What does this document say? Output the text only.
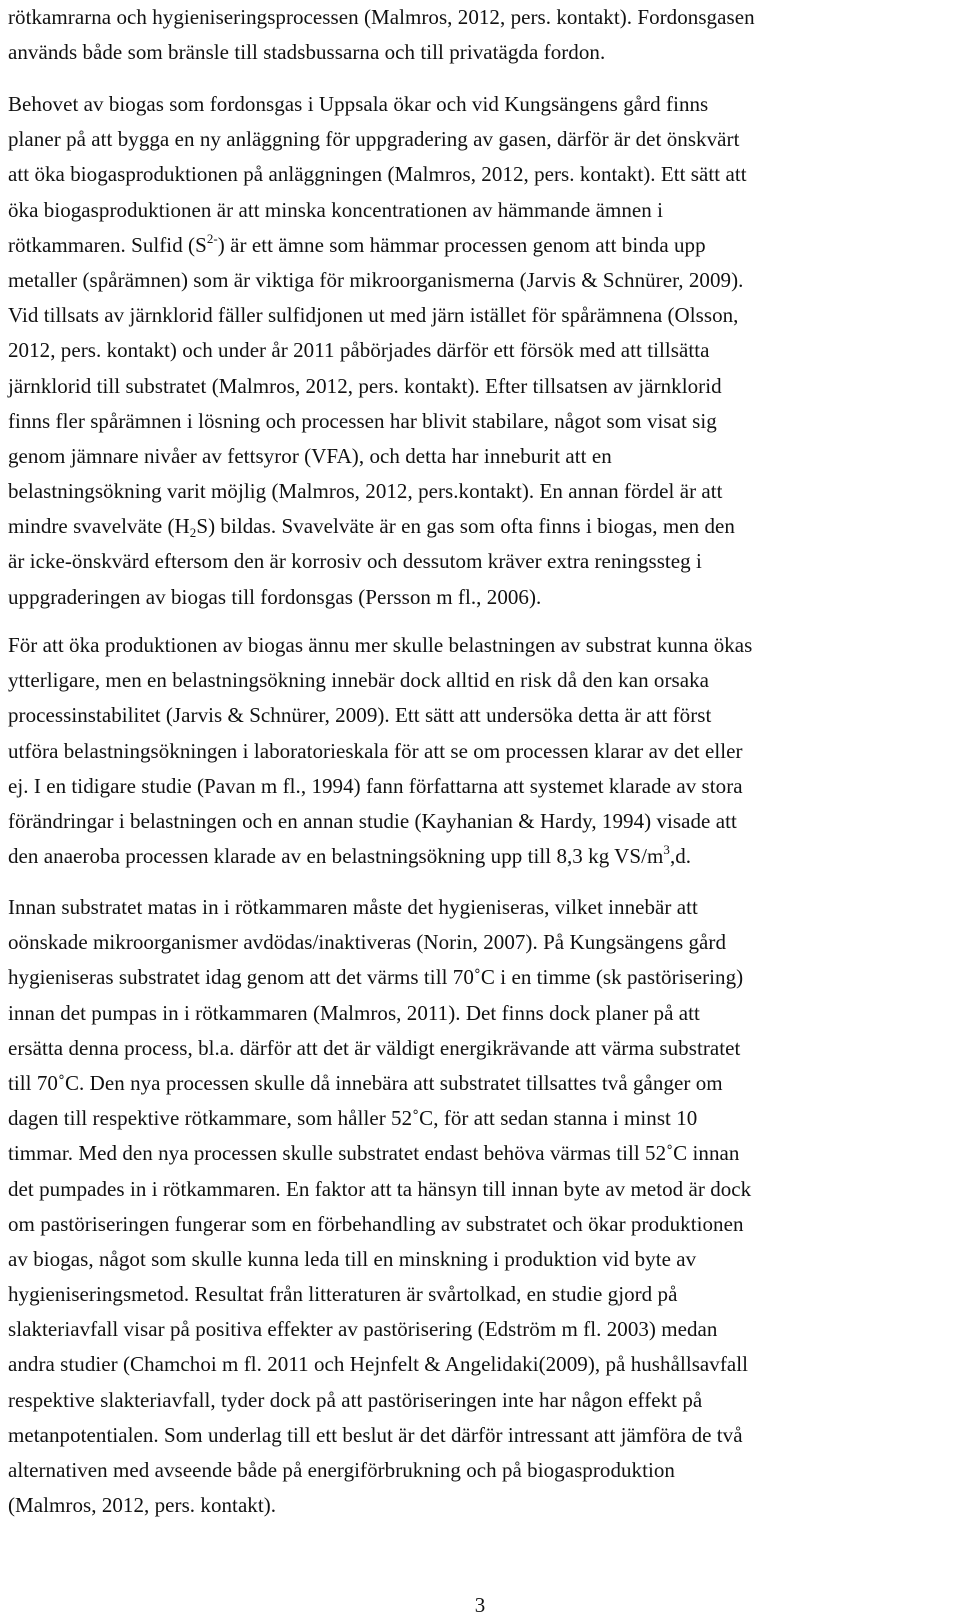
rötkamrarna och hygieniseringsprocessen (Malmros, 2012, pers. kontakt). Fordonsgasen
används både som bränsle till stadsbussarna och till privatägda fordon.
Behovet av biogas som fordonsgas i Uppsala ökar och vid Kungsängens gård finns
planer på att bygga en ny anläggning för uppgradering av gasen, därför är det önskvärt
att öka biogasproduktionen på anläggningen (Malmros, 2012, pers. kontakt). Ett sätt att
öka biogasproduktionen är att minska koncentrationen av hämmande ämnen i
rötkammaren. Sulfid $(S^{2-})$ är ett ämne som hämmar processen genom att binda upp
metaller (spårämnen) som är viktiga för mikroorganismerna (Jarvis & Schnürer, 2009).
Vid tillsats av järnklorid fäller sulfidjonen ut med järn istället för spårämnena (Olsson,
2012, pers. kontakt) och under år 2011 påbörjades därför ett försök med att tillsätta
järnklorid till substratet (Malmros, 2012, pers. kontakt). Efter tillsatsen av järnklorid
finns fler spårämnen i lösning och processen har blivit stabilare, något som visat sig
genom jämnare nivåer av fettsyror (VFA), och detta har inneburit att en
belastningsökning varit möjlig (Malmros, 2012, pers.kontakt). En annan fördel är att
mindre svavelväte $(H_2S)$ bildas. Svavelväte är en gas som ofta finns i biogas, men den
är icke-önskvärd eftersom den är korrosiv och dessutom kräver extra reningssteg i
uppgraderingen av biogas till fordonsgas (Persson m fl., 2006).
För att öka produktionen av biogas ännu mer skulle belastningen av substrat kunna ökas
ytterligare, men en belastningsökning innebär dock alltid en risk då den kan orsaka
processinstabilitet (Jarvis & Schnürer, 2009). Ett sätt att undersöka detta är att först
utföra belastningsökningen i laboratorieskala för att se om processen klarar av det eller
ej. I en tidigare studie (Pavan m fl., 1994) fann författarna att systemet klarade av stora
förändringar i belastningen och en annan studie (Kayhanian & Hardy, 1994) visade att
den anaeroba processen klarade av en belastningsökning upp till 8,3 kg $VS/m^3,d$.
Innan substratet matas in i rötkammaren måste det hygieniseras, vilket innebär att
oönskade mikroorganismer avdödas/inaktiveras (Norin, 2007). På Kungsängens gård
hygieniseras substratet idag genom att det värms till 70˚C i en timme (sk pastörisering)
innan det pumpas in i rötkammaren (Malmros, 2011). Det finns dock planer på att
ersätta denna process, bl.a. därför att det är väldigt energikrävande att värma substratet
till 70˚C. Den nya processen skulle då innebära att substratet tillsattes två gånger om
dagen till respektive rötkammare, som håller 52˚C, för att sedan stanna i minst 10
timmar. Med den nya processen skulle substratet endast behöva värmas till 52˚C innan
det pumpades in i rötkammaren. En faktor att ta hänsyn till innan byte av metod är dock
om pastöriseringen fungerar som en förbehandling av substratet och ökar produktionen
av biogas, något som skulle kunna leda till en minskning i produktion vid byte av
hygieniseringsmetod. Resultat från litteraturen är svårtolkad, en studie gjord på
slakteriavfall visar på positiva effekter av pastörisering (Edström m fl. 2003) medan
andra studier (Chamchoi m fl. 2011 och Hejnfelt & Angelidaki(2009), på hushållsavfall
respektive slakteriavfall, tyder dock på att pastöriseringen inte har någon effekt på
metanpotentialen. Som underlag till ett beslut är det därför intressant att jämföra de två
alternativen med avseende både på energiförbrukning och på biogasproduktion
(Malmros, 2012, pers. kontakt).
3
